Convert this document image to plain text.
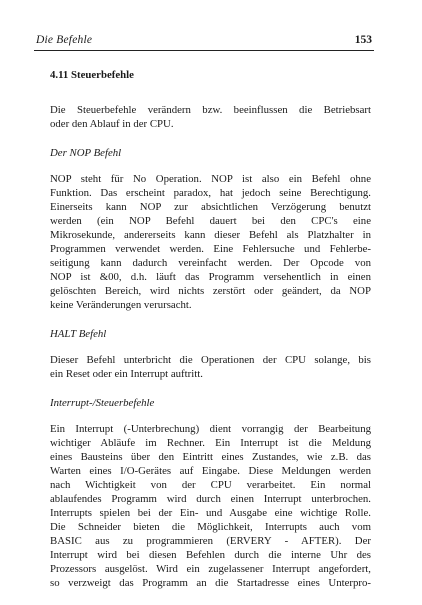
Die Befehle	153
4.11 Steuerbefehle
Die Steuerbefehle verändern bzw. beeinflussen die Betriebsart
oder den Ablauf in der CPU.
Der NOP Befehl
NOP steht für No Operation. NOP ist also ein Befehl ohne
Funktion. Das erscheint paradox, hat jedoch seine Berechtigung.
Einerseits kann NOP zur absichtlichen Verzögerung benutzt
werden (ein NOP Befehl dauert bei den CPC's eine
Mikrosekunde, andererseits kann dieser Befehl als Platzhalter in
Programmen verwendet werden. Eine Fehlersuche und Fehlerbe-
seitigung kann dadurch vereinfacht werden. Der Opcode von
NOP ist &00, d.h. läuft das Programm versehentlich in einen
gelöschten Bereich, wird nichts zerstört oder geändert, da NOP
keine Veränderungen verursacht.
HALT Befehl
Dieser Befehl unterbricht die Operationen der CPU solange, bis
ein Reset oder ein Interrupt auftritt.
Interrupt-/Steuerbefehle
Ein Interrupt (-Unterbrechung) dient vorrangig der Bearbeitung
wichtiger Abläufe im Rechner. Ein Interrupt ist die Meldung
eines Bausteins über den Eintritt eines Zustandes, wie z.B. das
Warten eines I/O-Gerätes auf Eingabe. Diese Meldungen werden
nach Wichtigkeit von der CPU verarbeitet. Ein normal
ablaufendes Programm wird durch einen Interrupt unterbrochen.
Interrupts spielen bei der Ein- und Ausgabe eine wichtige Rolle.
Die Schneider bieten die Möglichkeit, Interrupts auch vom
BASIC aus zu programmieren (ERVERY - AFTER). Der
Interrupt wird bei diesen Befehlen durch die interne Uhr des
Prozessors ausgelöst. Wird ein zugelassener Interrupt angefordert,
so verzweigt das Programm an die Startadresse eines Unterpro-
